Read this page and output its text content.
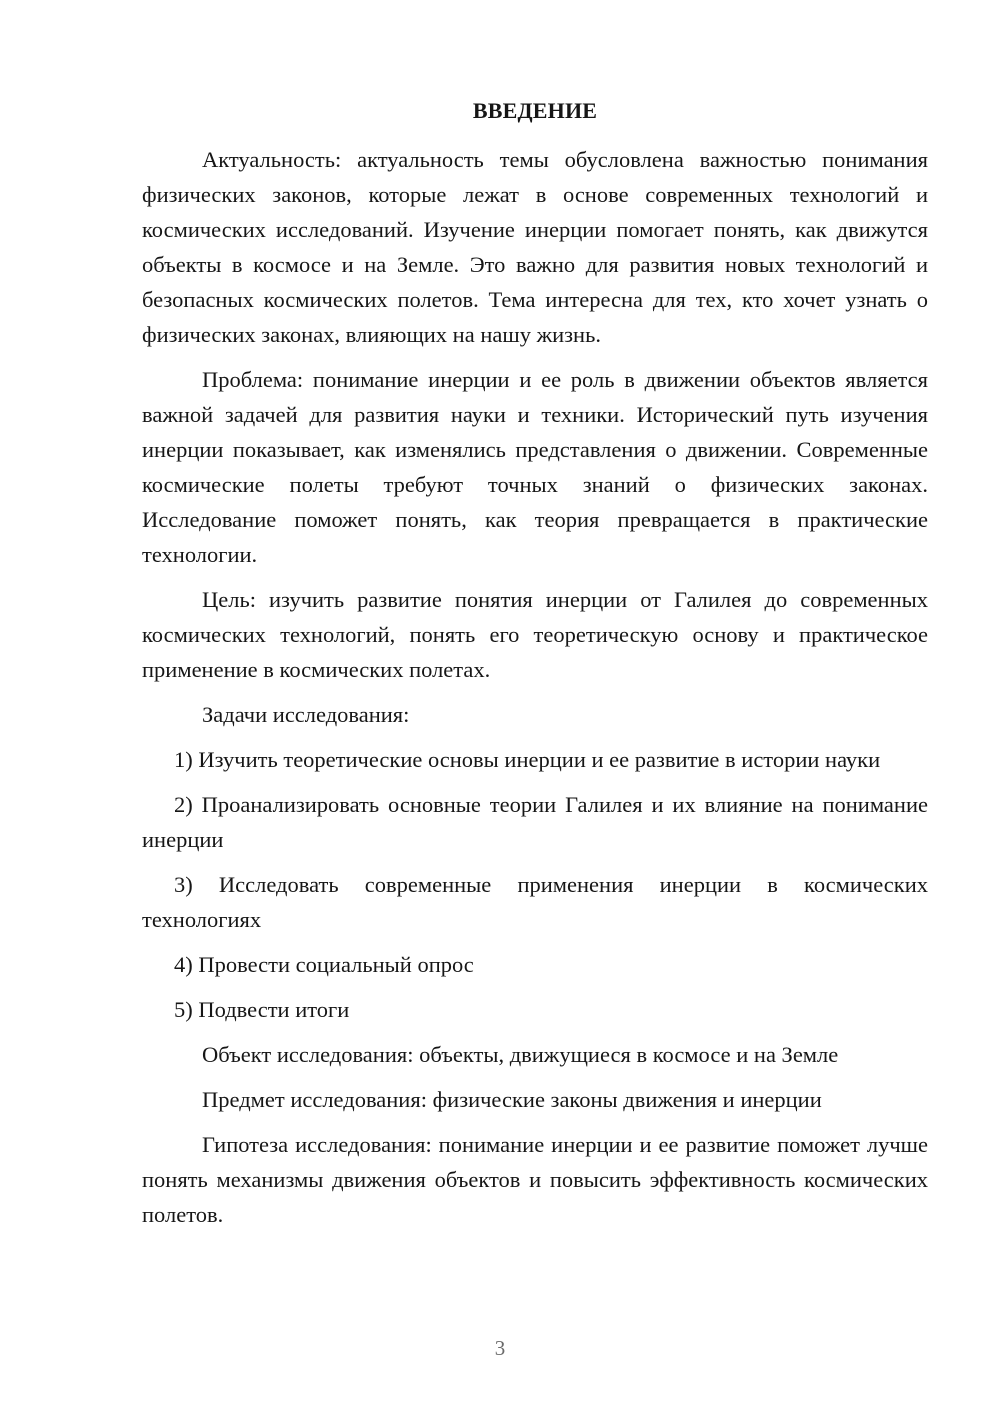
ВВЕДЕНИЕ

Актуальность: актуальность темы обусловлена важностью понимания физических законов, которые лежат в основе современных технологий и космических исследований. Изучение инерции помогает понять, как движутся объекты в космосе и на Земле. Это важно для развития новых технологий и безопасных космических полетов. Тема интересна для тех, кто хочет узнать о физических законах, влияющих на нашу жизнь.

Проблема: понимание инерции и ее роль в движении объектов является важной задачей для развития науки и техники. Исторический путь изучения инерции показывает, как изменялись представления о движении. Современные космические полеты требуют точных знаний о физических законах. Исследование поможет понять, как теория превращается в практические технологии.

Цель: изучить развитие понятия инерции от Галилея до современных космических технологий, понять его теоретическую основу и практическое применение в космических полетах.

Задачи исследования:

1) Изучить теоретические основы инерции и ее развитие в истории науки

2) Проанализировать основные теории Галилея и их влияние на понимание инерции

3) Исследовать современные применения инерции в космических технологиях

4) Провести социальный опрос

5) Подвести итоги

Объект исследования: объекты, движущиеся в космосе и на Земле

Предмет исследования: физические законы движения и инерции

Гипотеза исследования: понимание инерции и ее развитие поможет лучше понять механизмы движения объектов и повысить эффективность космических полетов.

3
